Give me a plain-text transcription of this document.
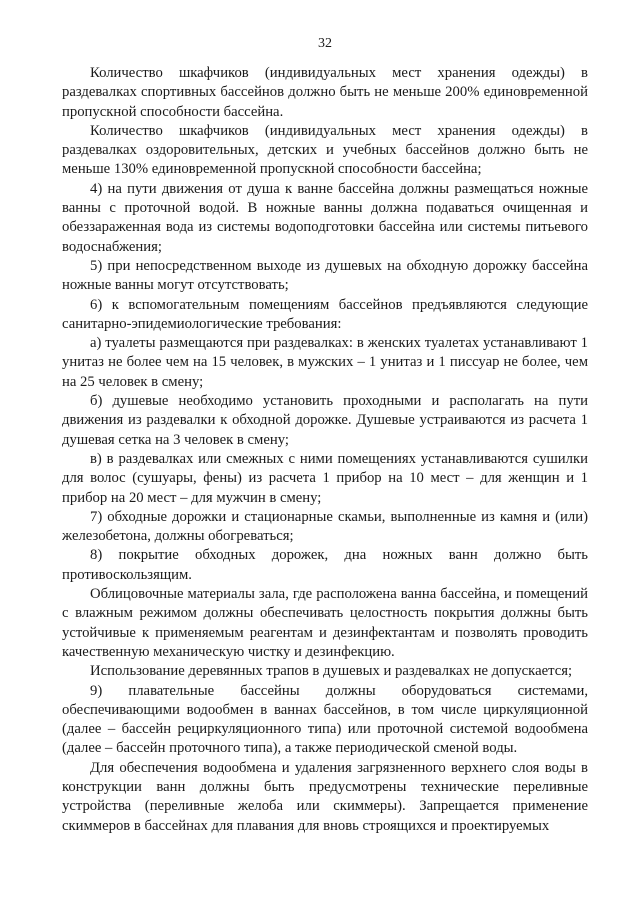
32

Количество шкафчиков (индивидуальных мест хранения одежды) в раздевалках спортивных бассейнов должно быть не меньше 200% единовременной пропускной способности бассейна.

Количество шкафчиков (индивидуальных мест хранения одежды) в раздевалках оздоровительных, детских и учебных бассейнов должно быть не меньше 130% единовременной пропускной способности бассейна;

4) на пути движения от душа к ванне бассейна должны размещаться ножные ванны с проточной водой. В ножные ванны должна подаваться очищенная и обеззараженная вода из системы водоподготовки бассейна или системы питьевого водоснабжения;

5) при непосредственном выходе из душевых на обходную дорожку бассейна ножные ванны могут отсутствовать;

6) к вспомогательным помещениям бассейнов предъявляются следующие санитарно-эпидемиологические требования:

а) туалеты размещаются при раздевалках: в женских туалетах устанавливают 1 унитаз не более чем на 15 человек, в мужских – 1 унитаз и 1 писсуар не более, чем на 25 человек в смену;

б) душевые необходимо установить проходными и располагать на пути движения из раздевалки к обходной дорожке. Душевые устраиваются из расчета 1 душевая сетка на 3 человек в смену;

в) в раздевалках или смежных с ними помещениях устанавливаются сушилки для волос (сушуары, фены) из расчета 1 прибор на 10 мест – для женщин и 1 прибор на 20 мест – для мужчин в смену;

7) обходные дорожки и стационарные скамьи, выполненные из камня и (или) железобетона, должны обогреваться;

8) покрытие обходных дорожек, дна ножных ванн должно быть противоскользящим.

Облицовочные материалы зала, где расположена ванна бассейна, и помещений с влажным режимом должны обеспечивать целостность покрытия должны быть устойчивые к применяемым реагентам и дезинфектантам и позволять проводить качественную механическую чистку и дезинфекцию.

Использование деревянных трапов в душевых и раздевалках не допускается;

9) плавательные бассейны должны оборудоваться системами, обеспечивающими водообмен в ваннах бассейнов, в том числе циркуляционной (далее – бассейн рециркуляционного типа) или проточной системой водообмена (далее – бассейн проточного типа), а также периодической сменой воды.

Для обеспечения водообмена и удаления загрязненного верхнего слоя воды в конструкции ванн должны быть предусмотрены технические переливные устройства (переливные желоба или скиммеры). Запрещается применение скиммеров в бассейнах для плавания для вновь строящихся и проектируемых
